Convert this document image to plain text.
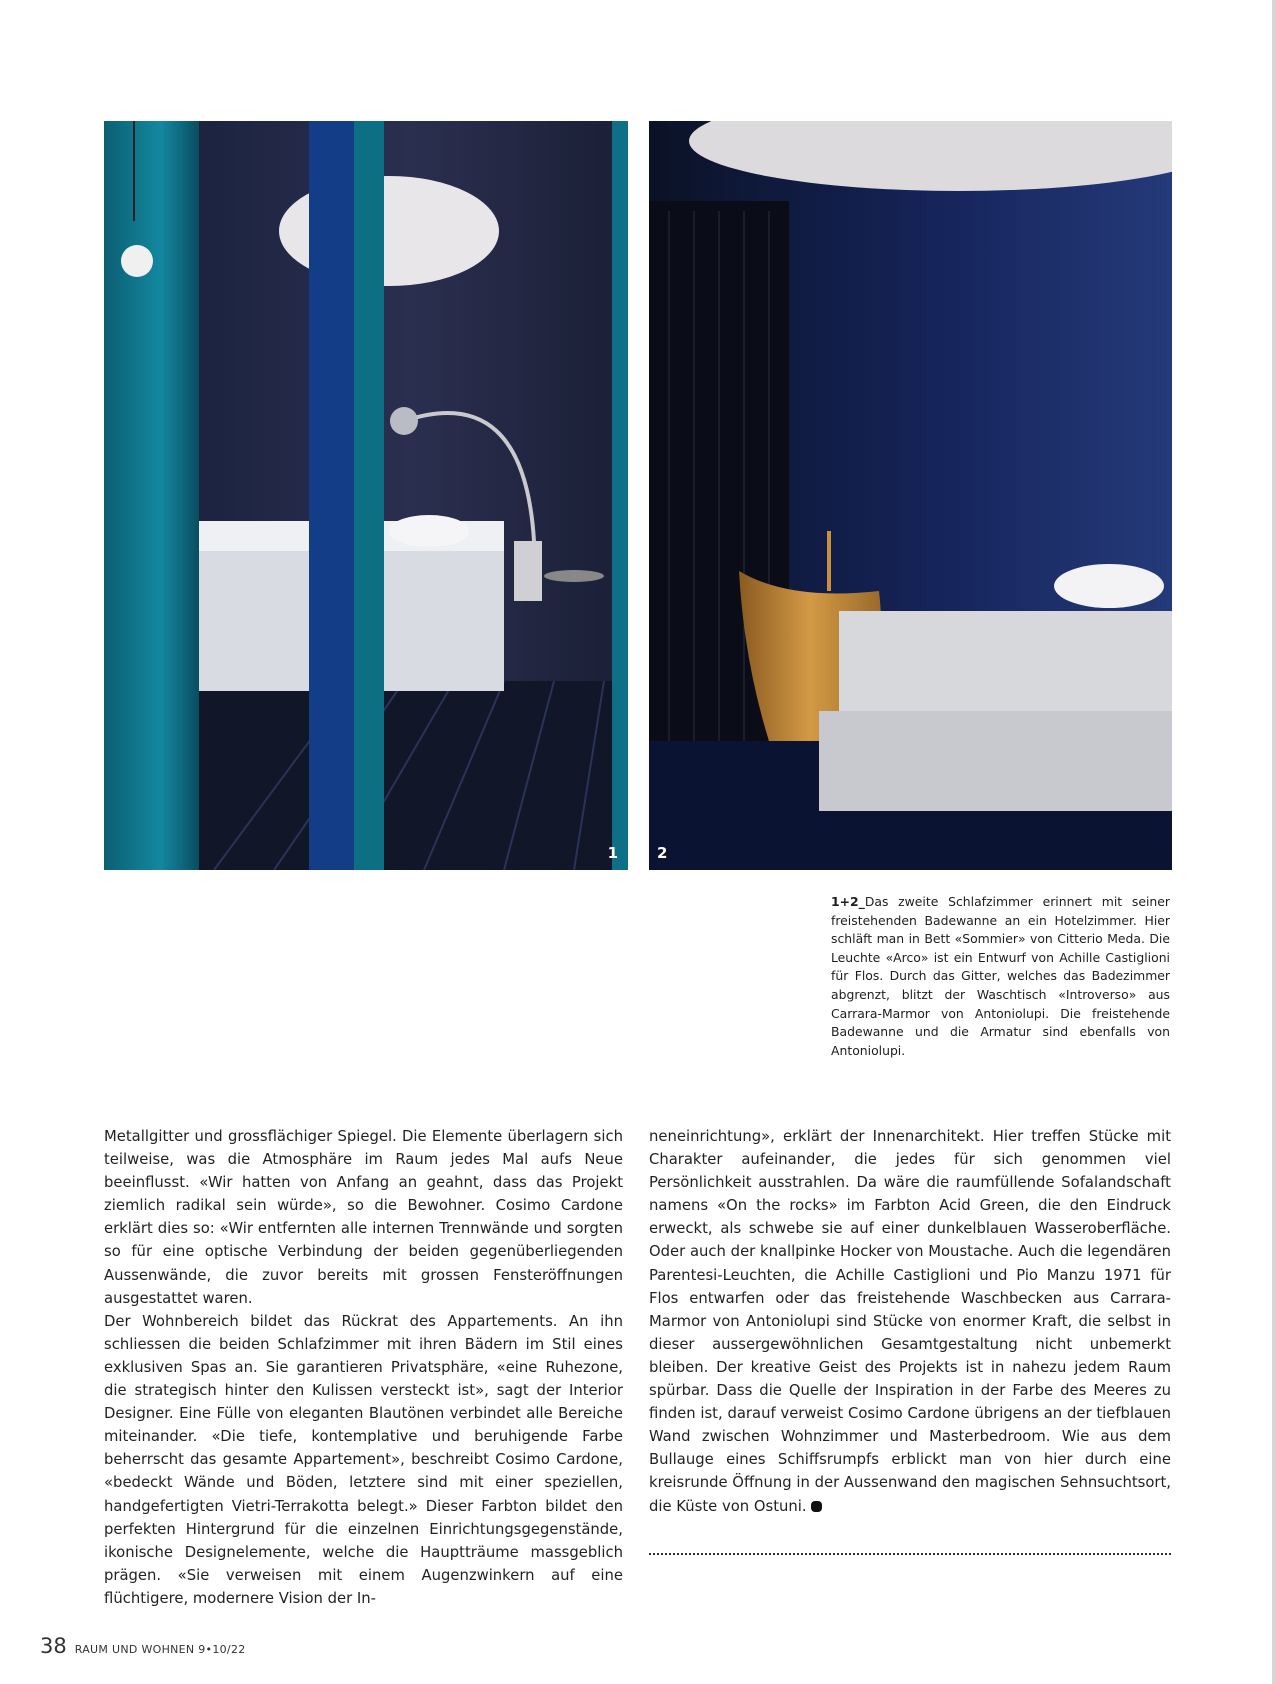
1	2
1+2_Das zweite Schlafzimmer erinnert mit seiner freistehenden Badewanne an ein Hotelzimmer. Hier schläft man in Bett «Sommier» von Citterio Meda. Die Leuchte «Arco» ist ein Entwurf von Achille Castiglioni für Flos. Durch das Gitter, welches das Badezimmer abgrenzt, blitzt der Waschtisch «Introverso» aus Carrara-Marmor von Antoniolupi. Die freistehende Badewanne und die Armatur sind ebenfalls von Antoniolupi.

Metallgitter und grossflächiger Spiegel. Die Elemente überlagern sich teilweise, was die Atmosphäre im Raum jedes Mal aufs Neue beeinflusst. «Wir hatten von Anfang an geahnt, dass das Projekt ziemlich radikal sein würde», so die Bewohner. Cosimo Cardone erklärt dies so: «Wir entfernten alle internen Trennwände und sorgten so für eine optische Verbindung der beiden gegenüberliegenden Aussenwände, die zuvor bereits mit grossen Fensteröffnungen ausgestattet waren.

Der Wohnbereich bildet das Rückrat des Appartements. An ihn schliessen die beiden Schlafzimmer mit ihren Bädern im Stil eines exklusiven Spas an. Sie garantieren Privatsphäre, «eine Ruhezone, die strategisch hinter den Kulissen versteckt ist», sagt der Interior Designer. Eine Fülle von eleganten Blautönen verbindet alle Bereiche miteinander. «Die tiefe, kontemplative und beruhigende Farbe beherrscht das gesamte Appartement», beschreibt Cosimo Cardone, «bedeckt Wände und Böden, letztere sind mit einer speziellen, handgefertigten Vietri-Terrakotta belegt.» Dieser Farbton bildet den perfekten Hintergrund für die einzelnen Einrichtungsgegenstände, ikonische Designelemente, welche die Hauptträume massgeblich prägen. «Sie verweisen mit einem Augenzwinkern auf eine flüchtigere, modernere Vision der In-

neneinrichtung», erklärt der Innenarchitekt. Hier treffen Stücke mit Charakter aufeinander, die jedes für sich genommen viel Persönlichkeit ausstrahlen. Da wäre die raumfüllende Sofalandschaft namens «On the rocks» im Farbton Acid Green, die den Eindruck erweckt, als schwebe sie auf einer dunkelblauen Wasseroberfläche. Oder auch der knallpinke Hocker von Moustache. Auch die legendären Parentesi-Leuchten, die Achille Castiglioni und Pio Manzu 1971 für Flos entwarfen oder das freistehende Waschbecken aus Carrara-Marmor von Antoniolupi sind Stücke von enormer Kraft, die selbst in dieser aussergewöhnlichen Gesamtgestaltung nicht unbemerkt bleiben. Der kreative Geist des Projekts ist in nahezu jedem Raum spürbar. Dass die Quelle der Inspiration in der Farbe des Meeres zu finden ist, darauf verweist Cosimo Cardone übrigens an der tiefblauen Wand zwischen Wohnzimmer und Masterbedroom. Wie aus dem Bullauge eines Schiffsrumpfs erblickt man von hier durch eine kreisrunde Öffnung in der Aussenwand den magischen Sehnsuchtsort, die Küste von Ostuni.

38 RAUM UND WOHNEN 9•10/22
